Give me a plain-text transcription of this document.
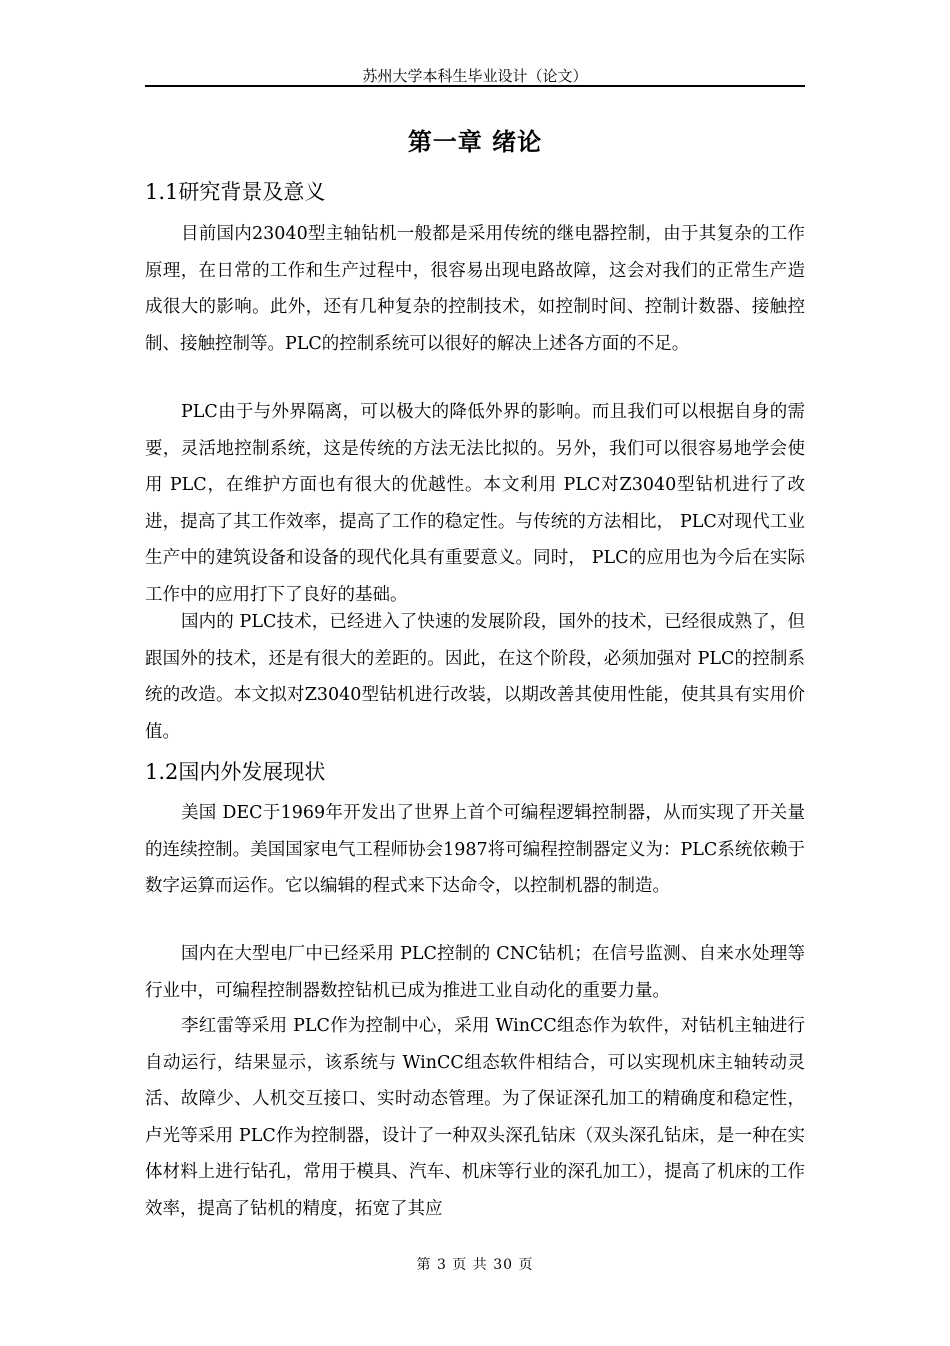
苏州大学本科生毕业设计（论文）
第一章 绪论
1.1研究背景及意义
目前国内23040型主轴钻机一般都是采用传统的继电器控制，由于其复杂的工作原理，在日常的工作和生产过程中，很容易出现电路故障，这会对我们的正常生产造成很大的影响。此外，还有几种复杂的控制技术，如控制时间、控制计数器、接触控制、接触控制等。PLC的控制系统可以很好的解决上述各方面的不足。
PLC由于与外界隔离，可以极大的降低外界的影响。而且我们可以根据自身的需要，灵活地控制系统，这是传统的方法无法比拟的。另外，我们可以很容易地学会使用 PLC，在维护方面也有很大的优越性。本文利用 PLC对Z3040型钻机进行了改进，提高了其工作效率，提高了工作的稳定性。与传统的方法相比， PLC对现代工业生产中的建筑设备和设备的现代化具有重要意义。同时， PLC的应用也为今后在实际工作中的应用打下了良好的基础。
国内的 PLC技术，已经进入了快速的发展阶段，国外的技术，已经很成熟了，但跟国外的技术，还是有很大的差距的。因此，在这个阶段，必须加强对 PLC的控制系统的改造。本文拟对Z3040型钻机进行改装，以期改善其使用性能，使其具有实用价值。
1.2国内外发展现状
美国 DEC于1969年开发出了世界上首个可编程逻辑控制器，从而实现了开关量的连续控制。美国国家电气工程师协会1987将可编程控制器定义为：PLC系统依赖于数字运算而运作。它以编辑的程式来下达命令，以控制机器的制造。
国内在大型电厂中已经采用 PLC控制的 CNC钻机；在信号监测、自来水处理等行业中，可编程控制器数控钻机已成为推进工业自动化的重要力量。
李红雷等采用 PLC作为控制中心，采用 WinCC组态作为软件，对钻机主轴进行自动运行，结果显示，该系统与 WinCC组态软件相结合，可以实现机床主轴转动灵活、故障少、人机交互接口、实时动态管理。为了保证深孔加工的精确度和稳定性，卢光等采用 PLC作为控制器，设计了一种双头深孔钻床（双头深孔钻床，是一种在实体材料上进行钻孔，常用于模具、汽车、机床等行业的深孔加工），提高了机床的工作效率，提高了钻机的精度，拓宽了其应
第 3 页 共 30 页
